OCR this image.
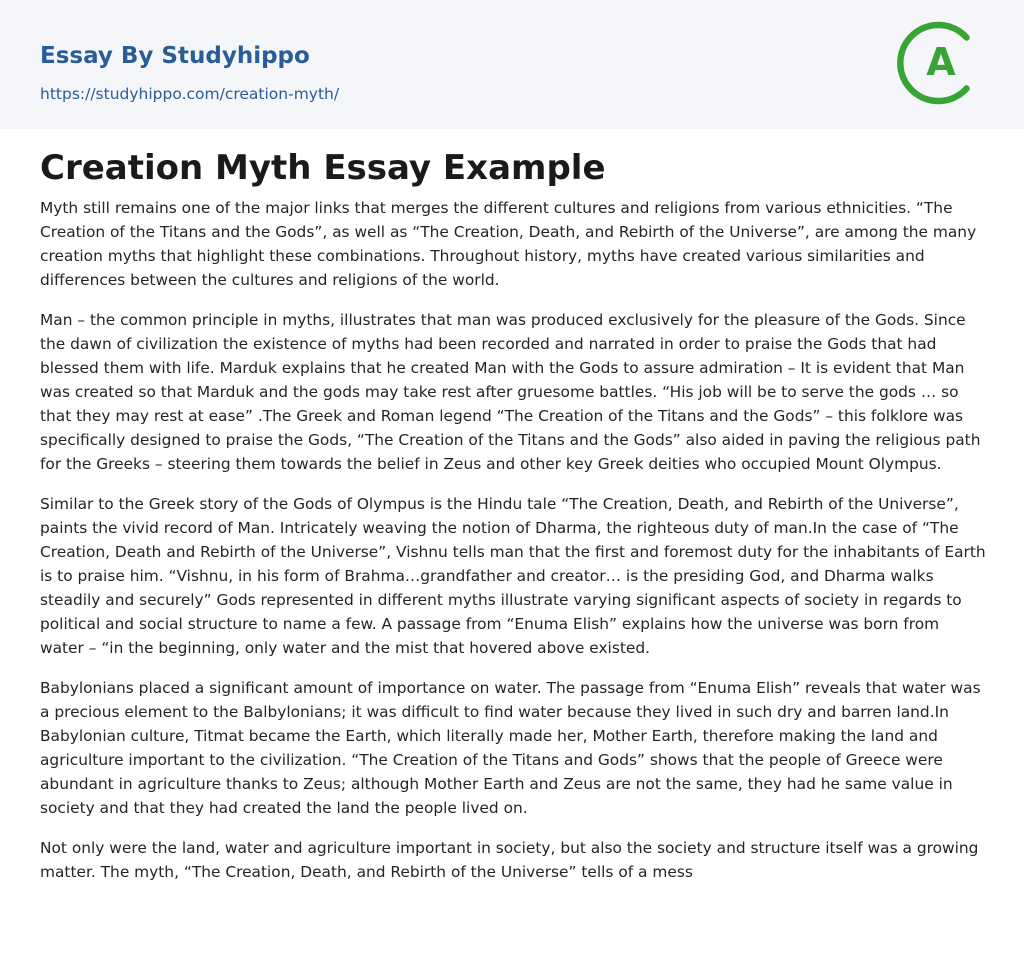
Essay By Studyhippo
https://studyhippo.com/creation-myth/
A
Creation Myth Essay Example

Myth still remains one of the major links that merges the different cultures and religions from various ethnicities. “The Creation of the Titans and the Gods”, as well as “The Creation, Death, and Rebirth of the Universe”, are among the many creation myths that highlight these combinations. Throughout history, myths have created various similarities and differences between the cultures and religions of the world.

Man – the common principle in myths, illustrates that man was produced exclusively for the pleasure of the Gods. Since the dawn of civilization the existence of myths had been recorded and narrated in order to praise the Gods that had blessed them with life. Marduk explains that he created Man with the Gods to assure admiration – It is evident that Man was created so that Marduk and the gods may take rest after gruesome battles. “His job will be to serve the gods … so that they may rest at ease” .The Greek and Roman legend “The Creation of the Titans and the Gods” – this folklore was specifically designed to praise the Gods, “The Creation of the Titans and the Gods” also aided in paving the religious path for the Greeks – steering them towards the belief in Zeus and other key Greek deities who occupied Mount Olympus.

Similar to the Greek story of the Gods of Olympus is the Hindu tale “The Creation, Death, and Rebirth of the Universe”, paints the vivid record of Man. Intricately weaving the notion of Dharma, the righteous duty of man.In the case of “The Creation, Death and Rebirth of the Universe”, Vishnu tells man that the first and foremost duty for the inhabitants of Earth is to praise him. “Vishnu, in his form of Brahma…grandfather and creator… is the presiding God, and Dharma walks steadily and securely” Gods represented in different myths illustrate varying significant aspects of society in regards to political and social structure to name a few. A passage from “Enuma Elish” explains how the universe was born from water – “in the beginning, only water and the mist that hovered above existed.

Babylonians placed a significant amount of importance on water. The passage from “Enuma Elish” reveals that water was a precious element to the Balbylonians; it was difficult to find water because they lived in such dry and barren land.In Babylonian culture, Titmat became the Earth, which literally made her, Mother Earth, therefore making the land and agriculture important to the civilization. “The Creation of the Titans and Gods” shows that the people of Greece were abundant in agriculture thanks to Zeus; although Mother Earth and Zeus are not the same, they had he same value in society and that they had created the land the people lived on.

Not only were the land, water and agriculture important in society, but also the society and structure itself was a growing matter. The myth, “The Creation, Death, and Rebirth of the Universe” tells of a mess
